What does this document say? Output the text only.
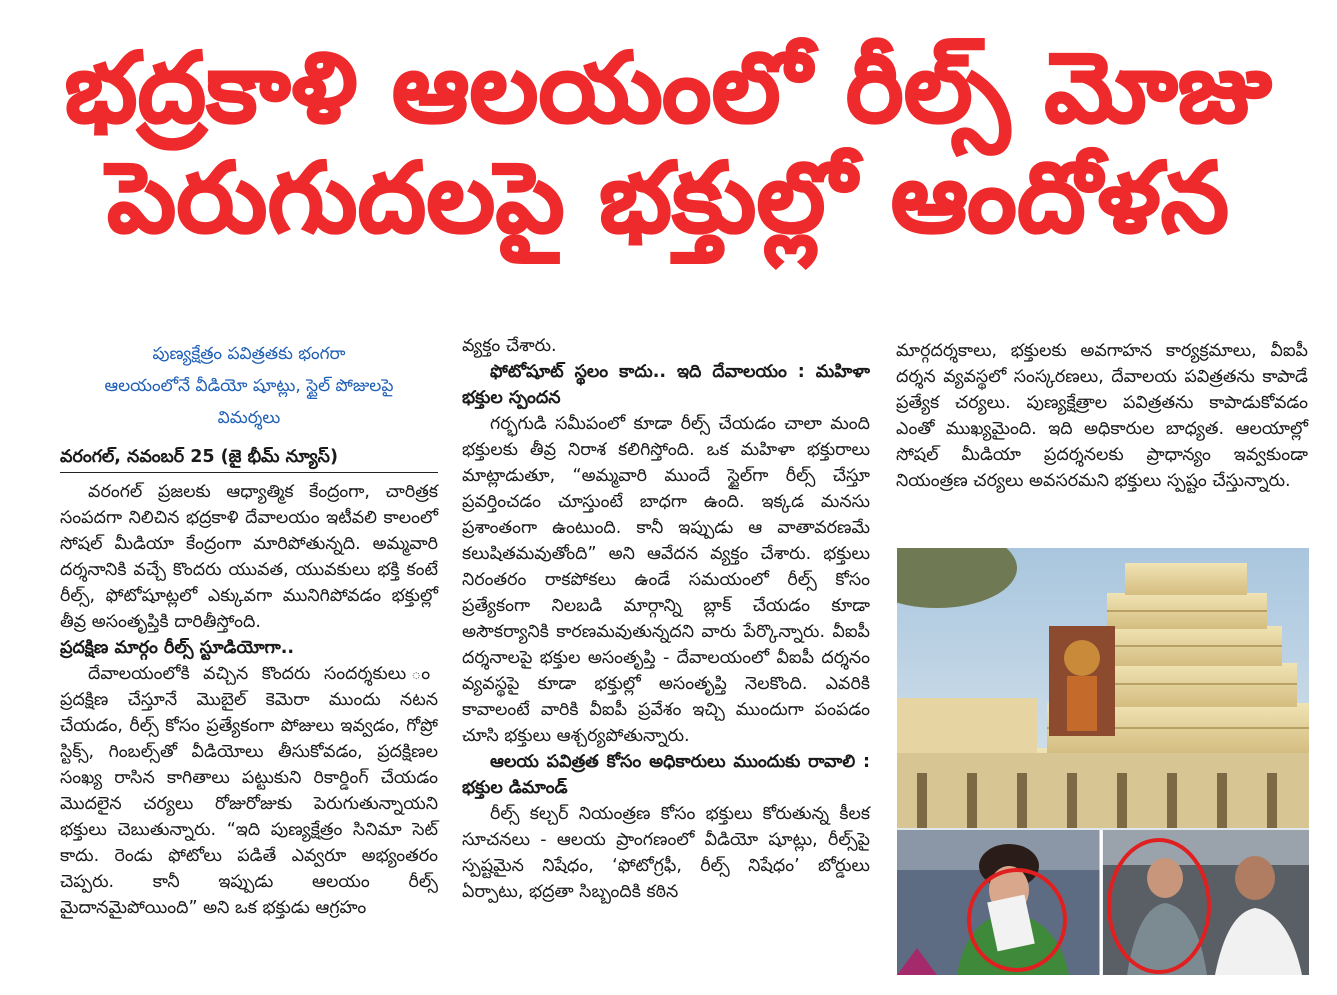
భద్రకాళి ఆలయంలో రీల్స్ మోజు
పెరుగుదలపై భక్తుల్లో ఆందోళన
పుణ్యక్షేత్రం పవిత్రతకు భంగరా
ఆలయంలోనే వీడియో షూట్లు, స్టైల్ పోజులపై
విమర్శలు
వరంగల్, నవంబర్ 25 (జై భీమ్ న్యూస్)

వరంగల్ ప్రజలకు ఆధ్యాత్మిక కేంద్రంగా, చారిత్రక సంపదగా నిలిచిన భద్రకాళి దేవాలయం ఇటీవలి కాలంలో సోషల్ మీడియా కేంద్రంగా మారిపోతున్నది. అమ్మవారి దర్శనానికి వచ్చే కొందరు యువత, యువకులు భక్తి కంటే రీల్స్, ఫోటోషూట్లలో ఎక్కువగా మునిగిపోవడం భక్తుల్లో తీవ్ర అసంతృప్తికి దారితీస్తోంది.

ప్రదక్షిణ మార్గం రీల్స్ స్టూడియోగా..

దేవాలయంలోకి వచ్చిన కొందరు సందర్శకులు ం ప్రదక్షిణ చేస్తూనే మొబైల్ కెమెరా ముందు నటన చేయడం, రీల్స్ కోసం ప్రత్యేకంగా పోజులు ఇవ్వడం, గోప్రో స్టిక్స్, గింబల్స్‌తో వీడియోలు తీసుకోవడం, ప్రదక్షిణల సంఖ్య రాసిన కాగితాలు పట్టుకుని రికార్డింగ్ చేయడం మొదలైన చర్యలు రోజురోజుకు పెరుగుతున్నాయని భక్తులు చెబుతున్నారు. “ఇది పుణ్యక్షేత్రం సినిమా సెట్ కాదు. రెండు ఫోటోలు పడితే ఎవ్వరూ అభ్యంతరం చెప్పరు. కానీ ఇప్పుడు ఆలయం రీల్స్ మైదానమైపోయింది” అని ఒక భక్తుడు ఆగ్రహం

వ్యక్తం చేశారు.

ఫోటోషూట్ స్థలం కాదు.. ఇది దేవాలయం : మహిళా భక్తుల స్పందన

గర్భగుడి సమీపంలో కూడా రీల్స్ చేయడం చాలా మంది భక్తులకు తీవ్ర నిరాశ కలిగిస్తోంది. ఒక మహిళా భక్తురాలు మాట్లాడుతూ, “అమ్మవారి ముందే స్టైల్‌గా రీల్స్ చేస్తూ ప్రవర్తించడం చూస్తుంటే బాధగా ఉంది. ఇక్కడ మనసు ప్రశాంతంగా ఉంటుంది. కానీ ఇప్పుడు ఆ వాతావరణమే కలుషితమవుతోంది” అని ఆవేదన వ్యక్తం చేశారు. భక్తులు నిరంతరం రాకపోకలు ఉండే సమయంలో రీల్స్ కోసం ప్రత్యేకంగా నిలబడి మార్గాన్ని బ్లాక్ చేయడం కూడా అసౌకర్యానికి కారణమవుతున్నదని వారు పేర్కొన్నారు. వీఐపీ దర్శనాలపై భక్తుల అసంతృప్తి - దేవాలయంలో వీఐపీ దర్శనం వ్యవస్థపై కూడా భక్తుల్లో అసంతృప్తి నెలకొంది. ఎవరికి కావాలంటే వారికి వీఐపీ ప్రవేశం ఇచ్చి ముందుగా పంపడం చూసి భక్తులు ఆశ్చర్యపోతున్నారు.

ఆలయ పవిత్రత కోసం అధికారులు ముందుకు రావాలి : భక్తుల డిమాండ్

రీల్స్ కల్చర్ నియంత్రణ కోసం భక్తులు కోరుతున్న కీలక సూచనలు - ఆలయ ప్రాంగణంలో వీడియో షూట్లు, రీల్స్‌పై స్పష్టమైన నిషేధం, ‘ఫోటోగ్రఫీ, రీల్స్ నిషేధం’ బోర్డులు ఏర్పాటు, భద్రతా సిబ్బందికి కఠిన

మార్గదర్శకాలు, భక్తులకు అవగాహన కార్యక్రమాలు, వీఐపీ దర్శన వ్యవస్థలో సంస్కరణలు, దేవాలయ పవిత్రతను కాపాడే ప్రత్యేక చర్యలు. పుణ్యక్షేత్రాల పవిత్రతను కాపాడుకోవడం ఎంతో ముఖ్యమైంది. ఇది అధికారుల బాధ్యత. ఆలయాల్లో సోషల్ మీడియా ప్రదర్శనలకు ప్రాధాన్యం ఇవ్వకుండా నియంత్రణ చర్యలు అవసరమని భక్తులు స్పష్టం చేస్తున్నారు.
